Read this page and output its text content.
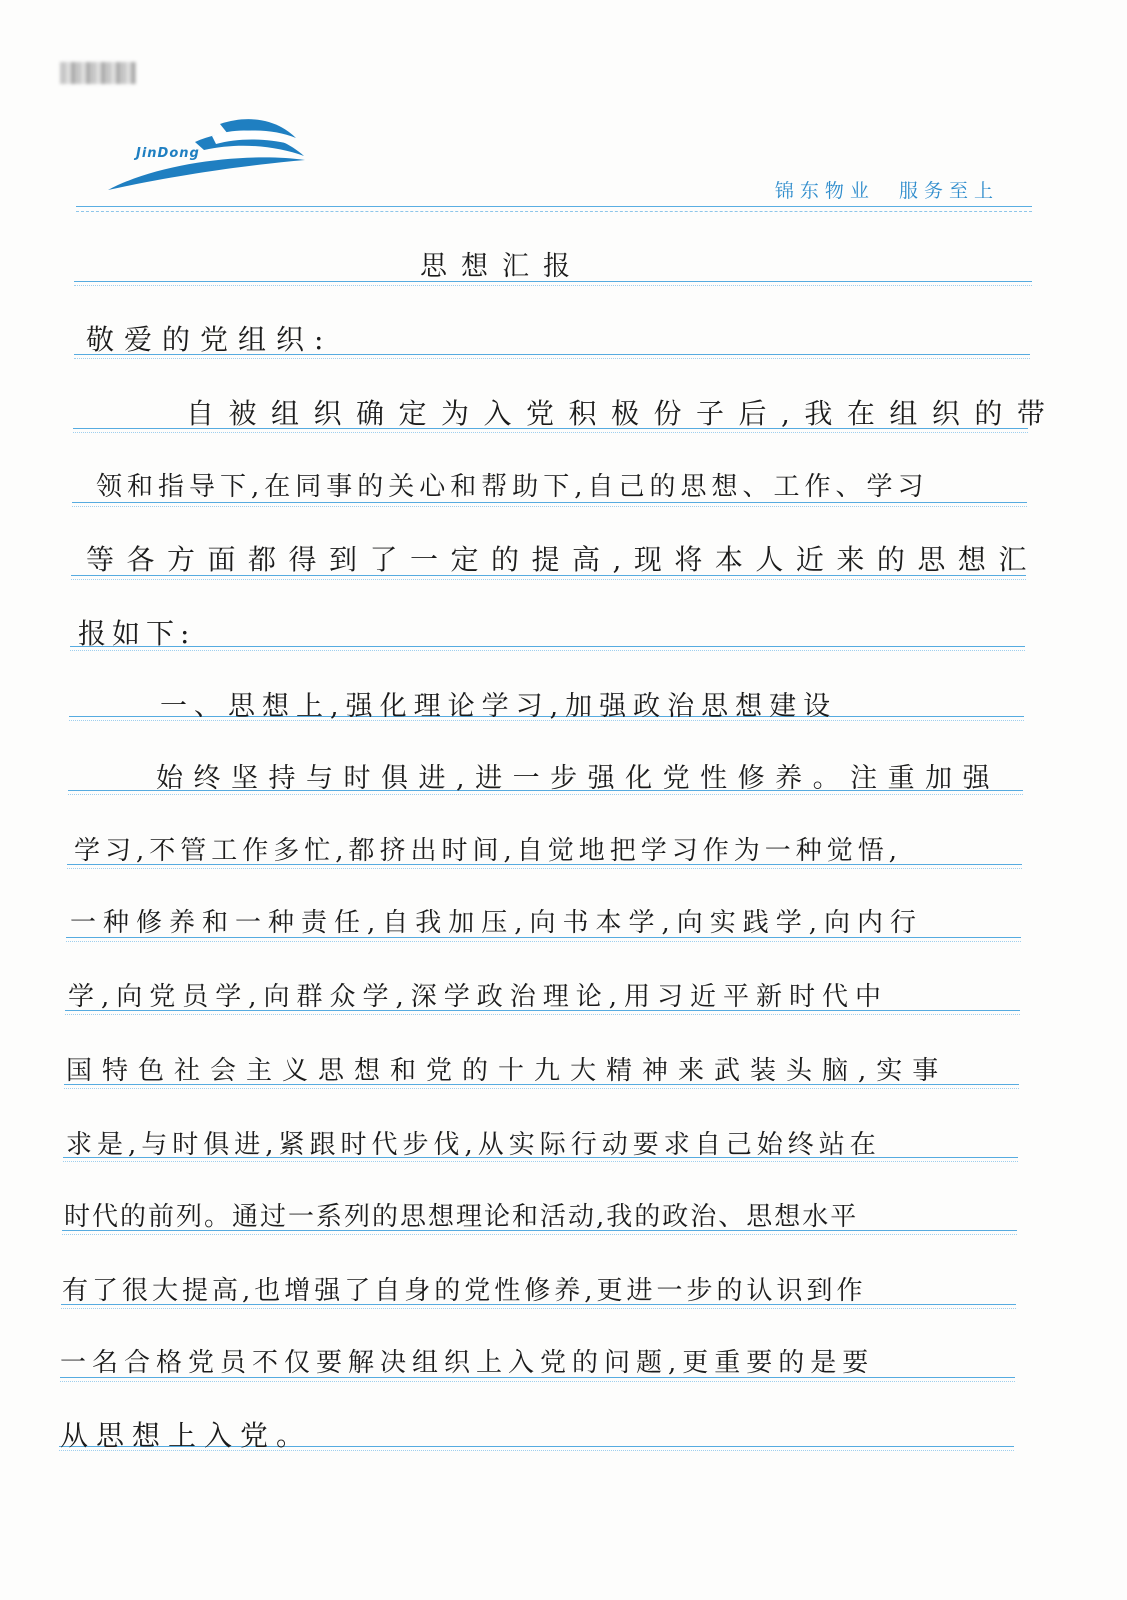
JinDong
锦东物业  服务至上
思想汇报
敬爱的党组织:
自被组织确定为入党积极份子后,我在组织的带
领和指导下,在同事的关心和帮助下,自己的思想、工作、学习
等各方面都得到了一定的提高,现将本人近来的思想汇
报如下:
一、思想上,强化理论学习,加强政治思想建设
始终坚持与时俱进,进一步强化党性修养。注重加强
学习,不管工作多忙,都挤出时间,自觉地把学习作为一种觉悟,
一种修养和一种责任,自我加压,向书本学,向实践学,向内行
学,向党员学,向群众学,深学政治理论,用习近平新时代中
国特色社会主义思想和党的十九大精神来武装头脑,实事
求是,与时俱进,紧跟时代步伐,从实际行动要求自己始终站在
时代的前列。通过一系列的思想理论和活动,我的政治、思想水平
有了很大提高,也增强了自身的党性修养,更进一步的认识到作
一名合格党员不仅要解决组织上入党的问题,更重要的是要
从思想上入党。
